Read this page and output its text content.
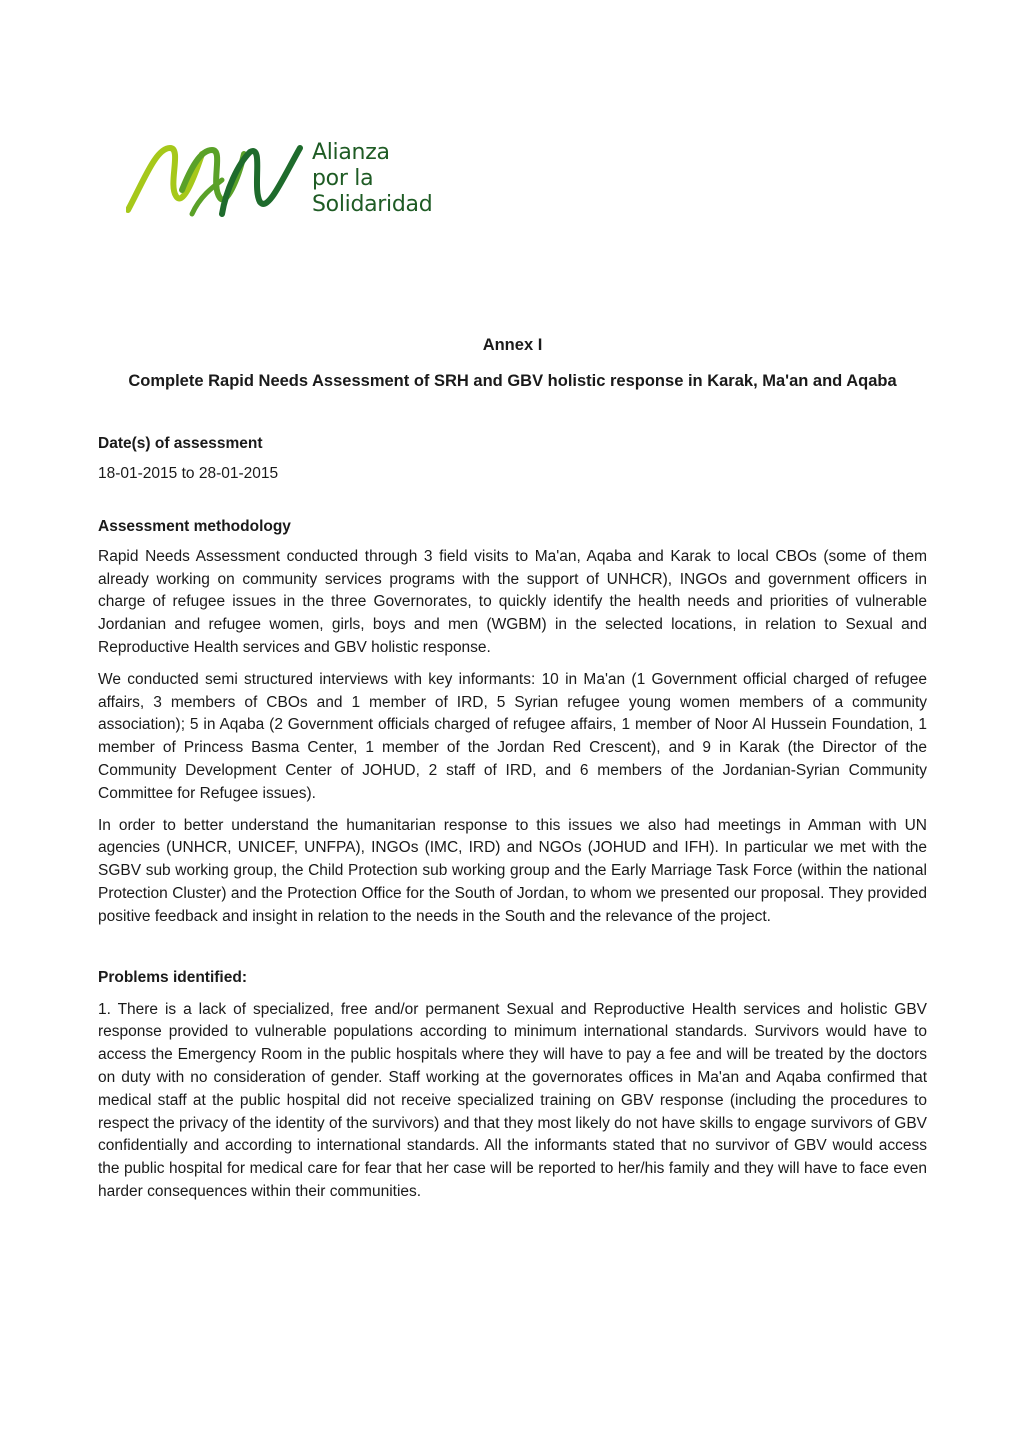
Alianza
por la
Solidaridad
Annex I
Complete Rapid Needs Assessment of SRH and GBV holistic response in Karak, Ma'an and Aqaba
Date(s) of assessment

18-01-2015 to 28-01-2015

Assessment methodology

Rapid Needs Assessment conducted through 3 field visits to Ma'an, Aqaba and Karak to local CBOs (some of them already working on community services programs with the support of UNHCR), INGOs and government officers in charge of refugee issues in the three Governorates, to quickly identify the health needs and priorities of vulnerable Jordanian and refugee women, girls, boys and men (WGBM) in the selected locations, in relation to Sexual and Reproductive Health services and GBV holistic response.

We conducted semi structured interviews with key informants: 10 in Ma'an (1 Government official charged of refugee affairs, 3 members of CBOs and 1 member of IRD, 5 Syrian refugee young women members of a community association); 5 in Aqaba (2 Government officials charged of refugee affairs, 1 member of Noor Al Hussein Foundation, 1 member of Princess Basma Center, 1 member of the Jordan Red Crescent), and 9 in Karak (the Director of the Community Development Center of JOHUD, 2 staff of IRD, and 6 members of the Jordanian-Syrian Community Committee for Refugee issues).

In order to better understand the humanitarian response to this issues we also had meetings in Amman with UN agencies (UNHCR, UNICEF, UNFPA), INGOs (IMC, IRD) and NGOs (JOHUD and IFH). In particular we met with the SGBV sub working group, the Child Protection sub working group and the Early Marriage Task Force (within the national Protection Cluster) and the Protection Office for the South of Jordan, to whom we presented our proposal. They provided positive feedback and insight in relation to the needs in the South and the relevance of the project.

Problems identified:

1. There is a lack of specialized, free and/or permanent Sexual and Reproductive Health services and holistic GBV response provided to vulnerable populations according to minimum international standards. Survivors would have to access the Emergency Room in the public hospitals where they will have to pay a fee and will be treated by the doctors on duty with no consideration of gender. Staff working at the governorates offices in Ma'an and Aqaba confirmed that medical staff at the public hospital did not receive specialized training on GBV response (including the procedures to respect the privacy of the identity of the survivors) and that they most likely do not have skills to engage survivors of GBV confidentially and according to international standards. All the informants stated that no survivor of GBV would access the public hospital for medical care for fear that her case will be reported to her/his family and they will have to face even harder consequences within their communities.
